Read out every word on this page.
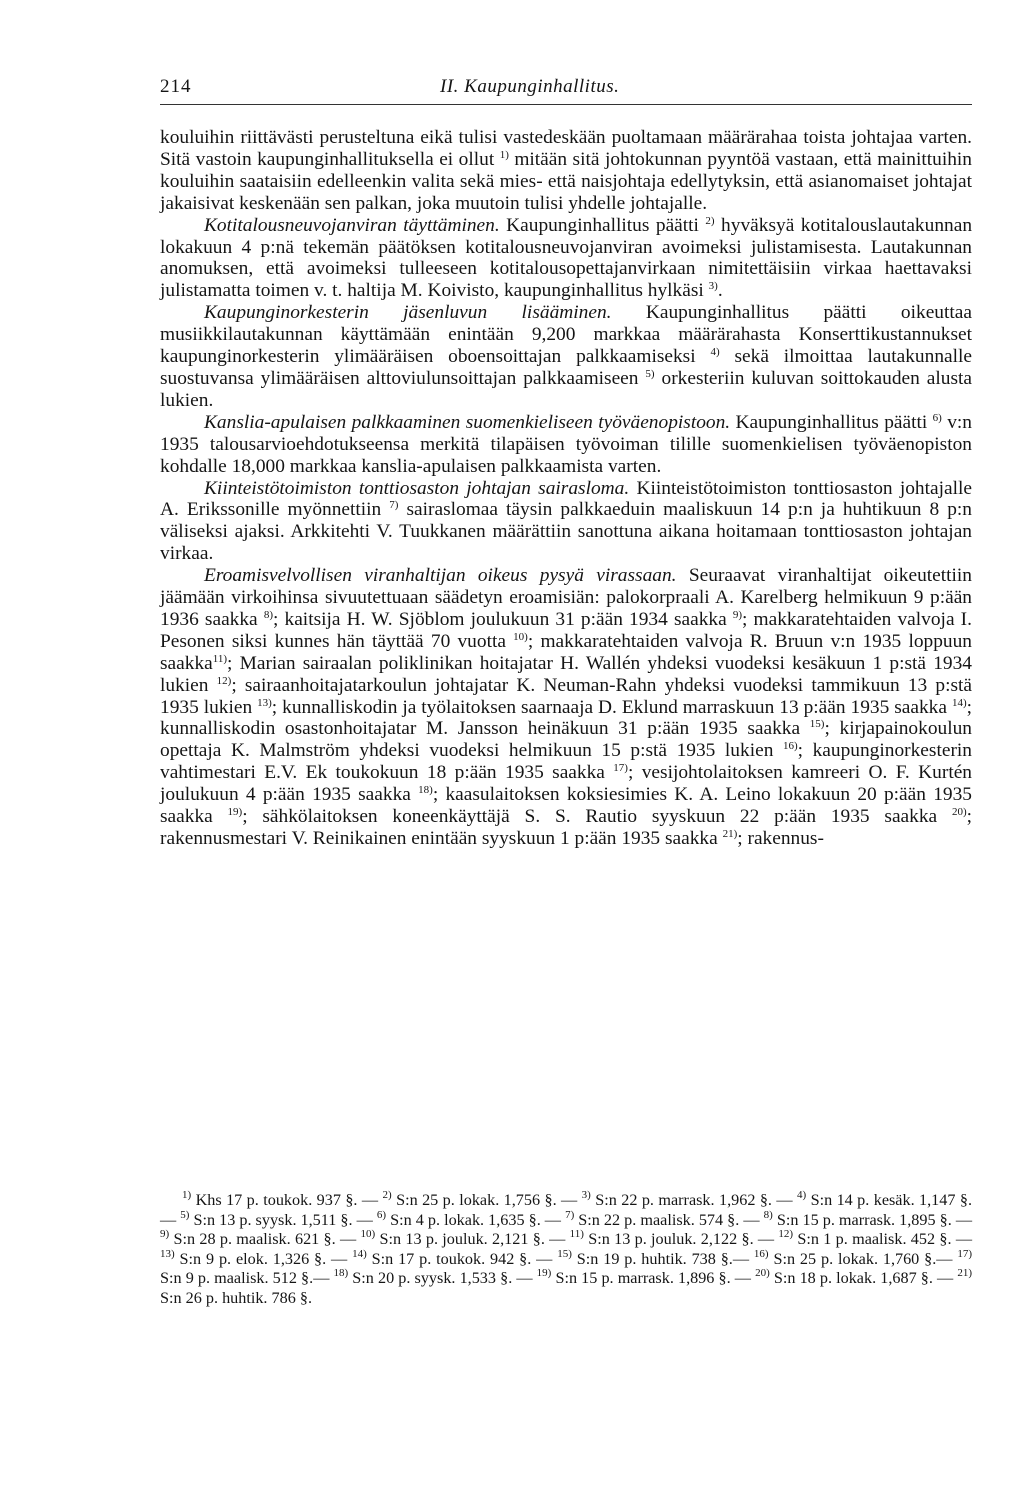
214	II. Kaupunginhallitus.

kouluihin riittävästi perusteltuna eikä tulisi vastedeskään puoltamaan määrärahaa toista johtajaa varten. Sitä vastoin kaupunginhallituksella ei ollut $^{1)}$ mitään sitä johtokunnan pyyntöä vastaan, että mainittuihin kouluihin saataisiin edelleenkin valita sekä mies- että naisjohtaja edellytyksin, että asianomaiset johtajat jakaisivat keskenään sen palkan, joka muutoin tulisi yhdelle johtajalle.

Kotitalousneuvojanviran täyttäminen. Kaupunginhallitus päätti $^{2)}$ hyväksyä kotitalouslautakunnan lokakuun 4 p:nä tekemän päätöksen kotitalousneuvojanviran avoimeksi julistamisesta. Lautakunnan anomuksen, että avoimeksi tulleeseen kotitalousopettajanvirkaan nimitettäisiin virkaa haettavaksi julistamatta toimen v. t. haltija M. Koivisto, kaupunginhallitus hylkäsi $^{3)}$.

Kaupunginorkesterin jäsenluvun lisääminen. Kaupunginhallitus päätti oikeuttaa musiikkilautakunnan käyttämään enintään 9,200 markkaa määrärahasta Konserttikustannukset kaupunginorkesterin ylimääräisen oboensoittajan palkkaamiseksi $^{4)}$ sekä ilmoittaa lautakunnalle suostuvansa ylimääräisen alttoviulunsoittajan palkkaamiseen $^{5)}$ orkesteriin kuluvan soittokauden alusta lukien.

Kanslia-apulaisen palkkaaminen suomenkieliseen työväenopistoon. Kaupunginhallitus päätti $^{6)}$ v:n 1935 talousarvioehdotukseensa merkitä tilapäisen työvoiman tilille suomenkielisen työväenopiston kohdalle 18,000 markkaa kanslia-apulaisen palkkaamista varten.

Kiinteistötoimiston tonttiosaston johtajan sairasloma. Kiinteistötoimiston tonttiosaston johtajalle A. Erikssonille myönnettiin $^{7)}$ sairaslomaa täysin palkkaeduin maaliskuun 14 p:n ja huhtikuun 8 p:n väliseksi ajaksi. Arkkitehti V. Tuukkanen määrättiin sanottuna aikana hoitamaan tonttiosaston johtajan virkaa.

Eroamisvelvollisen viranhaltijan oikeus pysyä virassaan. Seuraavat viranhaltijat oikeutettiin jäämään virkoihinsa sivuutettuaan säädetyn eroamisiän: palokorpraali A. Karelberg helmikuun 9 p:ään 1936 saakka $^{8)}$; kaitsija H. W. Sjöblom joulukuun 31 p:ään 1934 saakka $^{9)}$; makkaratehtaiden valvoja I. Pesonen siksi kunnes hän täyttää 70 vuotta $^{10)}$; makkaratehtaiden valvoja R. Bruun v:n 1935 loppuun saakka$^{11)}$; Marian sairaalan poliklinikan hoitajatar H. Wallén yhdeksi vuodeksi kesäkuun 1 p:stä 1934 lukien $^{12)}$; sairaanhoitajatarkoulun johtajatar K. Neuman-Rahn yhdeksi vuodeksi tammikuun 13 p:stä 1935 lukien $^{13)}$; kunnalliskodin ja työlaitoksen saarnaaja D. Eklund marraskuun 13 p:ään 1935 saakka $^{14)}$; kunnalliskodin osastonhoitajatar M. Jansson heinäkuun 31 p:ään 1935 saakka $^{15)}$; kirjapainokoulun opettaja K. Malmström yhdeksi vuodeksi helmikuun 15 p:stä 1935 lukien $^{16)}$; kaupunginorkesterin vahtimestari E.V. Ek toukokuun 18 p:ään 1935 saakka $^{17)}$; vesijohtolaitoksen kamreeri O. F. Kurtén joulukuun 4 p:ään 1935 saakka $^{18)}$; kaasulaitoksen koksiesimies K. A. Leino lokakuun 20 p:ään 1935 saakka $^{19)}$; sähkölaitoksen koneenkäyttäjä S. S. Rautio syyskuun 22 p:ään 1935 saakka $^{20)}$; rakennusmestari V. Reinikainen enintään syyskuun 1 p:ään 1935 saakka $^{21)}$; rakennus-

$^{1)}$ Khs 17 p. toukok. 937 §. — $^{2)}$ S:n 25 p. lokak. 1,756 §. — $^{3)}$ S:n 22 p. marrask. 1,962 §. — $^{4)}$ S:n 14 p. kesäk. 1,147 §. — $^{5)}$ S:n 13 p. syysk. 1,511 §. — $^{6)}$ S:n 4 p. lokak. 1,635 §. — $^{7)}$ S:n 22 p. maalisk. 574 §. — $^{8)}$ S:n 15 p. marrask. 1,895 §. — $^{9)}$ S:n 28 p. maalisk. 621 §. — $^{10)}$ S:n 13 p. jouluk. 2,121 §. — $^{11)}$ S:n 13 p. jouluk. 2,122 §. — $^{12)}$ S:n 1 p. maalisk. 452 §. — $^{13)}$ S:n 9 p. elok. 1,326 §. — $^{14)}$ S:n 17 p. toukok. 942 §. — $^{15)}$ S:n 19 p. huhtik. 738 §.— $^{16)}$ S:n 25 p. lokak. 1,760 §.— $^{17)}$ S:n 9 p. maalisk. 512 §.— $^{18)}$ S:n 20 p. syysk. 1,533 §. — $^{19)}$ S:n 15 p. marrask. 1,896 §. — $^{20)}$ S:n 18 p. lokak. 1,687 §. — $^{21)}$ S:n 26 p. huhtik. 786 §.
